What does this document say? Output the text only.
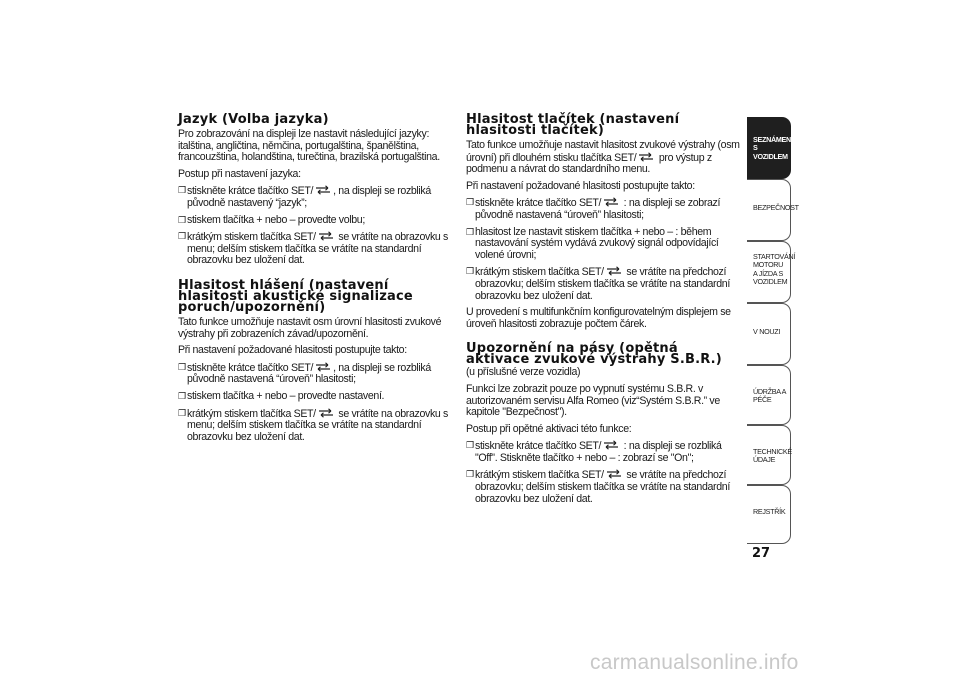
Jazyk (Volba jazyka)

Pro zobrazování na displeji lze nastavit následující jazyky: italština, angličtina, němčina, portugalština, španělština, francouzština, holandština, turečtina, brazilská portugalština.

Postup při nastavení jazyka:

❒ stiskněte krátce tlačítko SET/ , na displeji se rozbliká původně nastavený “jazyk”;
❒ stiskem tlačítka + nebo – provedte volbu;
❒ krátkým stiskem tlačítka SET/ se vrátíte na obrazovku s menu; delším stiskem tlačítka se vrátíte na standardní obrazovku bez uložení dat.
Hlasitost hlášení (nastavení hlasitosti akustické signalizace poruch/upozornění)

Tato funkce umožňuje nastavit osm úrovní hlasitosti zvukové výstrahy při zobrazeních závad/upozornění.

Při nastavení požadované hlasitosti postupujte takto:

❒ stiskněte krátce tlačítko SET/ , na displeji se rozbliká původně nastavená “úroveň” hlasitosti;
❒ stiskem tlačítka + nebo – provedte nastavení.
❒ krátkým stiskem tlačítka SET/ se vrátíte na obrazovku s menu; delším stiskem tlačítka se vrátíte na standardní obrazovku bez uložení dat.
Hlasitost tlačítek (nastavení hlasitosti tlačítek)

Tato funkce umožňuje nastavit hlasitost zvukové výstrahy (osm úrovní) při dlouhém stisku tlačítka SET/ pro výstup z podmenu a návrat do standardního menu.

Při nastavení požadované hlasitosti postupujte takto:

❒ stiskněte krátce tlačítko SET/ : na displeji se zobrazí původně nastavená “úroveň” hlasitosti;
❒ hlasitost lze nastavit stiskem tlačítka + nebo – : během nastavování systém vydává zvukový signál odpovídající volené úrovni;
❒ krátkým stiskem tlačítka SET/ se vrátíte na předchozí obrazovku; delším stiskem tlačítka se vrátíte na standardní obrazovku bez uložení dat.

U provedení s multifunkčním konfigurovatelným displejem se úroveň hlasitosti zobrazuje počtem čárek.

Upozornění na pásy (opětná aktivace zvukové výstrahy S.B.R.)

(u příslušné verze vozidla)

Funkci lze zobrazit pouze po vypnutí systému S.B.R. v autorizovaném servisu Alfa Romeo (viz“Systém S.B.R.” ve kapitole "Bezpečnost").

Postup při opětné aktivaci této funkce:

❒ stiskněte krátce tlačítko SET/ : na displeji se rozbliká "Off". Stiskněte tlačítko + nebo – : zobrazí se "On";
❒ krátkým stiskem tlačítka SET/ se vrátíte na předchozí obrazovku; delším stiskem tlačítka se vrátíte na standardní obrazovku bez uložení dat.
SEZNÁMENÍ S VOZIDLEM
BEZPEČNOST
STARTOVÁNÍ MOTORU A JÍZDA S VOZIDLEM
V NOUZI
ÚDRŽBA A PÉČE
TECHNICKÉ ÚDAJE
REJSTŘÍK
27
carmanualsonline.info
